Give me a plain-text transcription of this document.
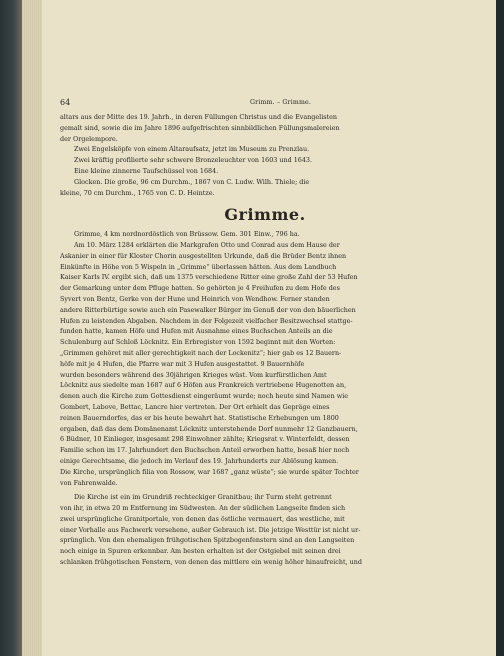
64	Grimm. – Grimme.

altars aus der Mitte des 19. Jahrh., in deren Füllungen Christus und die Evangelisten

gemalt sind, sowie die im Jahre 1896 aufgefrischten sinnbildlichen Füllungsmalereien

der Orgelempore.

Zwei Engelsköpfe von einem Altaraufsatz, jetzt im Museum zu Prenzlau.

Zwei kräftig profilierte sehr schwere Bronzeleuchter von 1603 und 1643.

Eine kleine zinnerne Taufschüssel von 1684.

Glocken. Die große, 96 cm Durchm., 1867 von C. Ludw. Wilh. Thiele; die

kleine, 70 cm Durchm., 1765 von C. D. Heintze.

Grimme.

Grimme, 4 km nordnordöstlich von Brüssow. Gem. 301 Einw., 796 ha.

Am 10. März 1284 erklärten die Markgrafen Otto und Conrad aus dem Hause der

Askanier in einer für Kloster Chorin ausgestellten Urkunde, daß die Brüder Bentz ihnen

Einkünfte in Höhe von 5 Wispeln in „Grimme“ überlassen hätten. Aus dem Landbuch

Kaiser Karls IV. ergibt sich, daß um 1375 verschiedene Ritter eine große Zahl der 53 Hufen

der Gemarkung unter dem Pfluge hatten. So gehörten je 4 Freihufen zu dem Hofe des

Syvert von Bentz, Gerke von der Hune und Heinrich von Wendhow. Ferner standen

andere Ritterbürtige sowie auch ein Pasewalker Bürger im Genuß der von den bäuerlichen

Hufen zu leistenden Abgaben. Nachdem in der Folgezeit vielfacher Besitzwechsel stattge-

funden hatte, kamen Höfe und Hufen mit Ausnahme eines Buchschen Anteils an die

Schulenburg auf Schloß Löcknitz. Ein Erbregister von 1592 beginnt mit den Worten:

„Grimmen gehöret mit aller gerechtigkeit nach der Lockenitz“; hier gab es 12 Bauern-

höfe mit je 4 Hufen, die Pfarre war mit 3 Hufen ausgestattet. 9 Bauernhöfe

wurden besonders während des 30jährigen Krieges wüst. Vom kurfürstlichen Amt

Löcknitz aus siedelte man 1687 auf 6 Höfen aus Frankreich vertriebene Hugenotten an,

denen auch die Kirche zum Gottesdienst eingeräumt wurde; noch heute sind Namen wie

Gombert, Labove, Bettac, Lancre hier vertreten. Der Ort erhielt das Gepräge eines

reinen Bauerndorfes, das er bis heute bewahrt hat. Statistische Erhebungen um 1800

ergaben, daß das dem Domänenamt Löcknitz unterstehende Dorf nunmehr 12 Ganzbauern,

6 Büdner, 10 Einlieger, insgesamt 298 Einwohner zählte; Kriegsrat v. Winterfeldt, dessen

Familie schon im 17. Jahrhundert den Buchschen Anteil erworben hatte, besaß hier noch

einige Gerechtsame, die jedoch im Verlauf des 19. Jahrhunderts zur Ablösung kamen.

Die Kirche, ursprünglich filia von Rossow, war 1687 „ganz wüste“; sie wurde später Tochter

von Fahrenwalde.

Die Kirche ist ein im Grundriß rechteckiger Granitbau; ihr Turm steht getrennt

von ihr, in etwa 20 m Entfernung im Südwesten. An der südlichen Langseite finden sich

zwei ursprüngliche Granitportale, von denen das östliche vermauert, das westliche, mit

einer Vorhalle aus Fachwerk versehene, außer Gebrauch ist. Die jetzige Westtür ist nicht ur-

sprünglich. Von den ehemaligen frühgotischen Spitzbogenfenstern sind an den Langseiten

noch einige in Spuren erkennbar. Am besten erhalten ist der Ostgiebel mit seinen drei

schlanken frühgotischen Fenstern, von denen das mittlere ein wenig höher hinaufreicht, und
